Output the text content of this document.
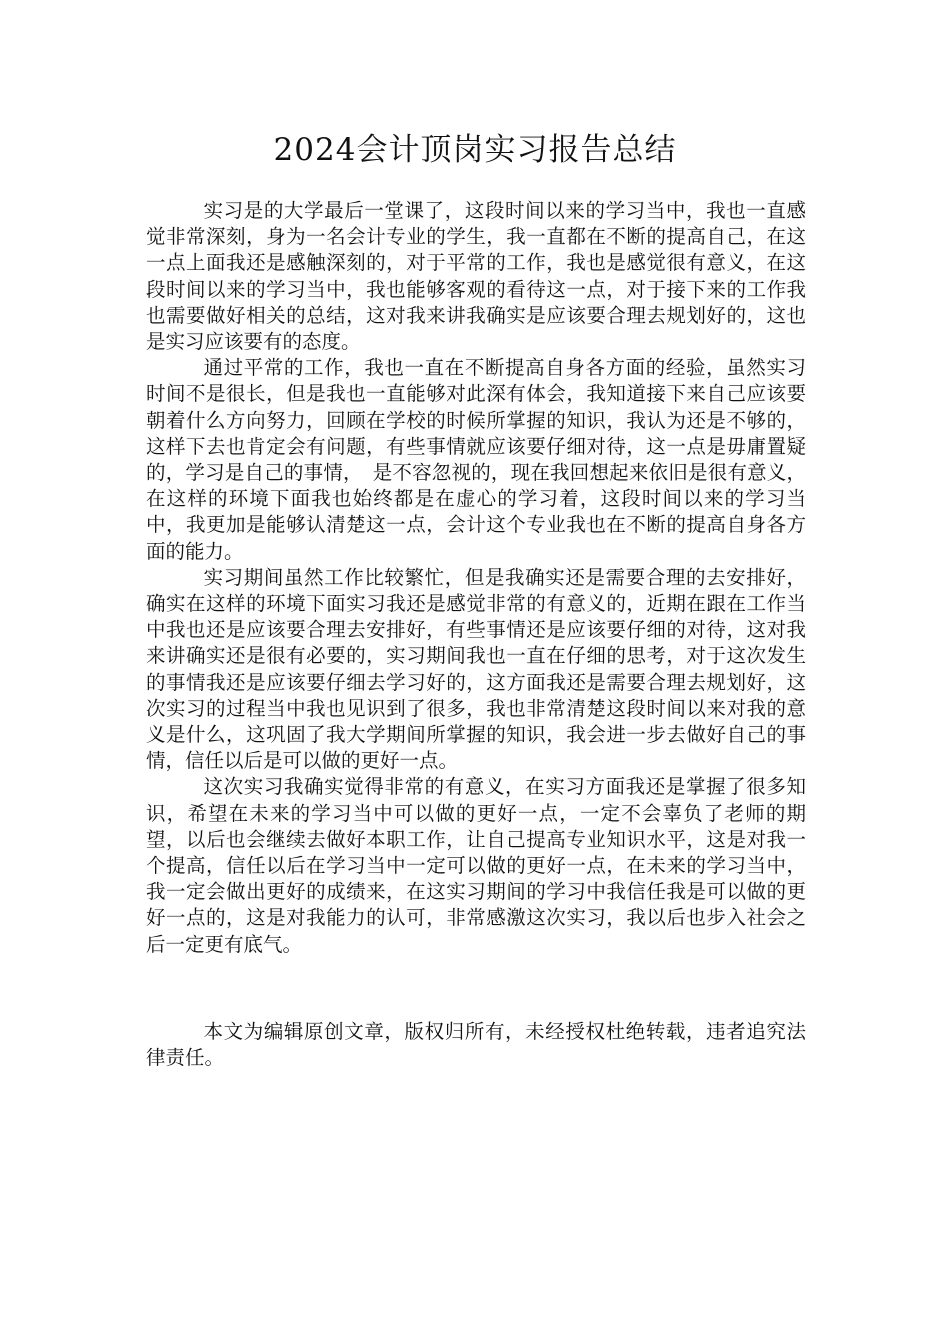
2024会计顶岗实习报告总结

实习是的大学最后一堂课了，这段时间以来的学习当中，我也一直感觉非常深刻，身为一名会计专业的学生，我一直都在不断的提高自己，在这一点上面我还是感触深刻的，对于平常的工作，我也是感觉很有意义，在这段时间以来的学习当中，我也能够客观的看待这一点，对于接下来的工作我也需要做好相关的总结，这对我来讲我确实是应该要合理去规划好的，这也是实习应该要有的态度。

通过平常的工作，我也一直在不断提高自身各方面的经验，虽然实习时间不是很长，但是我也一直能够对此深有体会，我知道接下来自己应该要朝着什么方向努力，回顾在学校的时候所掌握的知识，我认为还是不够的，这样下去也肯定会有问题，有些事情就应该要仔细对待，这一点是毋庸置疑的，学习是自己的事情，　是不容忽视的，现在我回想起来依旧是很有意义，在这样的环境下面我也始终都是在虚心的学习着，这段时间以来的学习当中，我更加是能够认清楚这一点，会计这个专业我也在不断的提高自身各方面的能力。

实习期间虽然工作比较繁忙，但是我确实还是需要合理的去安排好，确实在这样的环境下面实习我还是感觉非常的有意义的，近期在跟在工作当中我也还是应该要合理去安排好，有些事情还是应该要仔细的对待，这对我来讲确实还是很有必要的，实习期间我也一直在仔细的思考，对于这次发生的事情我还是应该要仔细去学习好的，这方面我还是需要合理去规划好，这次实习的过程当中我也见识到了很多，我也非常清楚这段时间以来对我的意义是什么，这巩固了我大学期间所掌握的知识，我会进一步去做好自己的事情，信任以后是可以做的更好一点。

这次实习我确实觉得非常的有意义，在实习方面我还是掌握了很多知识，希望在未来的学习当中可以做的更好一点，一定不会辜负了老师的期望，以后也会继续去做好本职工作，让自己提高专业知识水平，这是对我一个提高，信任以后在学习当中一定可以做的更好一点，在未来的学习当中，我一定会做出更好的成绩来，在这实习期间的学习中我信任我是可以做的更好一点的，这是对我能力的认可，非常感激这次实习，我以后也步入社会之后一定更有底气。

本文为编辑原创文章，版权归所有，未经授权杜绝转载，违者追究法律责任。
